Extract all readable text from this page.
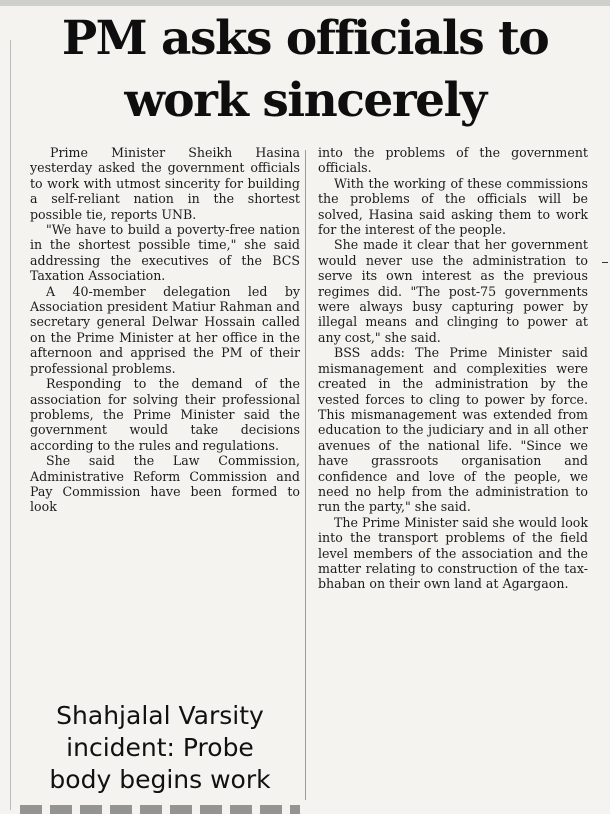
PM asks officials to
work sincerely

Prime Minister Sheikh Hasina yesterday asked the government officials to work with utmost sincerity for building a self-reliant nation in the shortest possible tie, reports UNB.

"We have to build a poverty-free nation in the shortest possible time," she said addressing the executives of the BCS Taxation Association.

A 40-member delegation led by Association president Matiur Rahman and secretary general Delwar Hossain called on the Prime Minister at her office in the afternoon and apprised the PM of their professional problems.

Responding to the demand of the association for solving their professional problems, the Prime Minister said the government would take decisions according to the rules and regulations.

She said the Law Commission, Administrative Reform Commission and Pay Commission have been formed to look

into the problems of the government officials.

With the working of these commissions the problems of the officials will be solved, Hasina said asking them to work for the interest of the people.

She made it clear that her government would never use the administration to serve its own interest as the previous regimes did. "The post-75 governments were always busy capturing power by illegal means and clinging to power at any cost," she said.

BSS adds: The Prime Minister said mismanagement and complexities were created in the administration by the vested forces to cling to power by force. This mismanagement was extended from education to the judiciary and in all other avenues of the national life. "Since we have grassroots organisation and confidence and love of the people, we need no help from the administration to run the party," she said.

The Prime Minister said she would look into the transport problems of the field level members of the association and the matter relating to construction of the tax-bhaban on their own land at Agargaon.

Shahjalal Varsity
incident: Probe
body begins work
